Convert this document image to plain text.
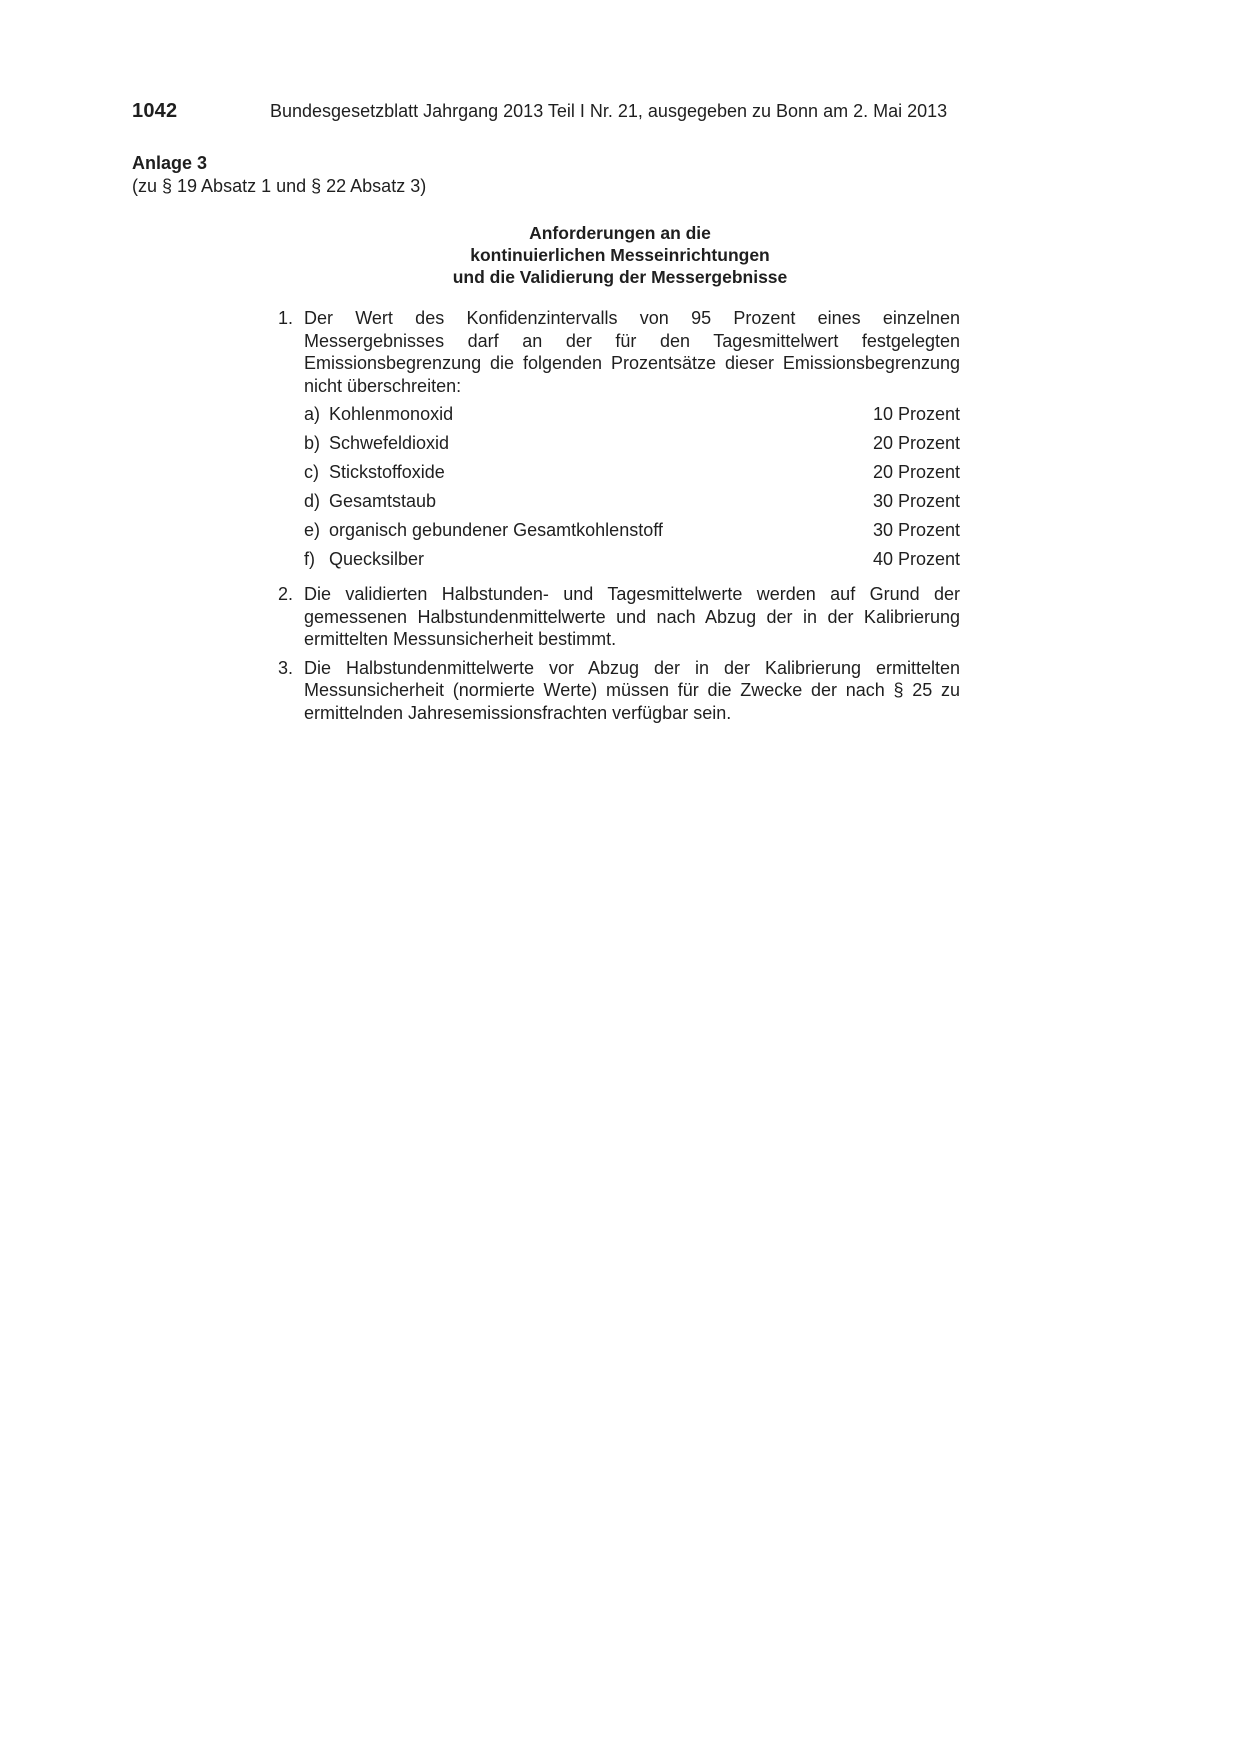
1042	Bundesgesetzblatt Jahrgang 2013 Teil I Nr. 21, ausgegeben zu Bonn am 2. Mai 2013
Anlage 3
(zu § 19 Absatz 1 und § 22 Absatz 3)
Anforderungen an die
kontinuierlichen Messeinrichtungen
und die Validierung der Messergebnisse
1. Der Wert des Konfidenzintervalls von 95 Prozent eines einzelnen Messergebnisses darf an der für den Tagesmittelwert festgelegten Emissionsbegrenzung die folgenden Prozentsätze dieser Emissionsbegrenzung nicht überschreiten:
a) Kohlenmonoxid	10 Prozent
b) Schwefeldioxid	20 Prozent
c) Stickstoffoxide	20 Prozent
d) Gesamtstaub	30 Prozent
e) organisch gebundener Gesamtkohlenstoff	30 Prozent
f) Quecksilber	40 Prozent
2. Die validierten Halbstunden- und Tagesmittelwerte werden auf Grund der gemessenen Halbstundenmittelwerte und nach Abzug der in der Kalibrierung ermittelten Messunsicherheit bestimmt.
3. Die Halbstundenmittelwerte vor Abzug der in der Kalibrierung ermittelten Messunsicherheit (normierte Werte) müssen für die Zwecke der nach § 25 zu ermittelnden Jahresemissionsfrachten verfügbar sein.
